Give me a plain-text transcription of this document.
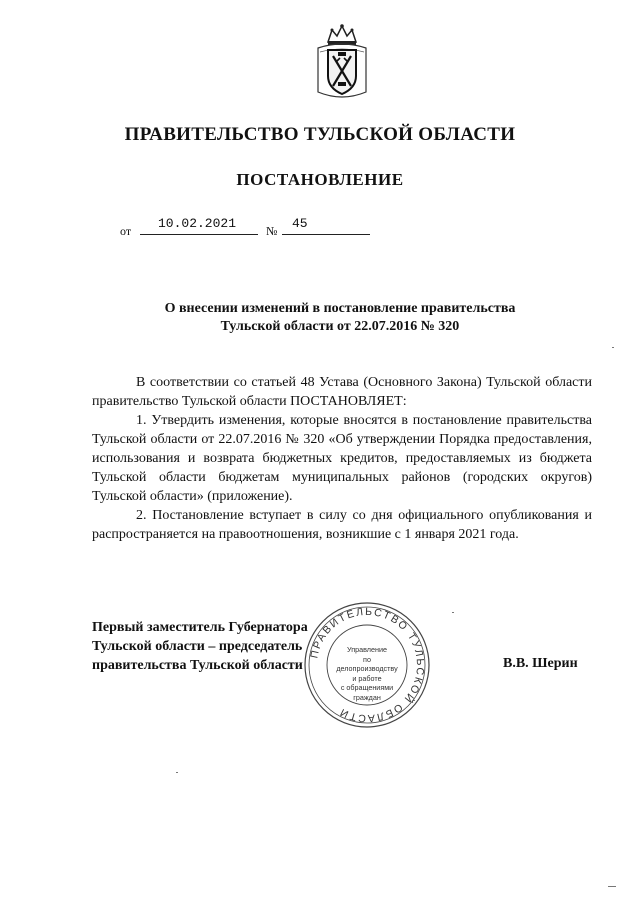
ПРАВИТЕЛЬСТВО ТУЛЬСКОЙ ОБЛАСТИ
ПОСТАНОВЛЕНИЕ
от 10.02.2021 № 45
О внесении изменений в постановление правительства
Тульской области от 22.07.2016 № 320

В соответствии со статьей 48 Устава (Основного Закона) Тульской области правительство Тульской области ПОСТАНОВЛЯЕТ:

1. Утвердить изменения, которые вносятся в постановление правительства Тульской области от 22.07.2016 № 320 «Об утверждении Порядка предоставления, использования и возврата бюджетных кредитов, предоставляемых из бюджета Тульской области бюджетам муниципальных районов (городских округов) Тульской области» (приложение).

2. Постановление вступает в силу со дня официального опубликования и распространяется на правоотношения, возникшие с 1 января 2021 года.

ПРАВИТЕЛЬСТВО ТУЛЬСКОЙ ОБЛАСТИ
Управление
по делопроизводству
и работе
с обращениями
граждан
Первый заместитель Губернатора
Тульской области – председатель
правительства Тульской области	В.В. Шерин
